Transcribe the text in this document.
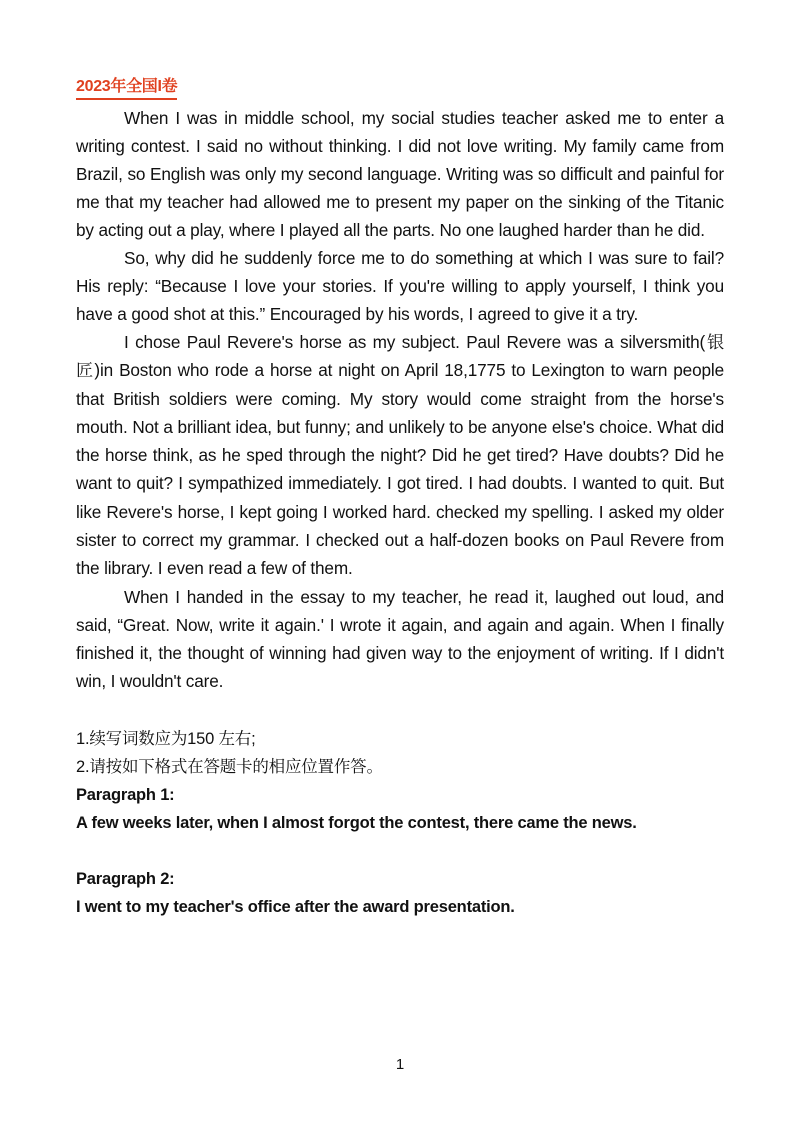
2023年全国I卷

When I was in middle school, my social studies teacher asked me to enter a writing contest. I said no without thinking. I did not love writing. My family came from Brazil, so English was only my second language. Writing was so difficult and painful for me that my teacher had allowed me to present my paper on the sinking of the Titanic by acting out a play, where I played all the parts. No one laughed harder than he did.

So, why did he suddenly force me to do something at which I was sure to fail? His reply: “Because I love your stories. If you're willing to apply yourself, I think you have a good shot at this.” Encouraged by his words, I agreed to give it a try.

I chose Paul Revere's horse as my subject. Paul Revere was a silversmith(银匠)in Boston who rode a horse at night on April 18,1775 to Lexington to warn people that British soldiers were coming. My story would come straight from the horse's mouth. Not a brilliant idea, but funny; and unlikely to be anyone else's choice. What did the horse think, as he sped through the night? Did he get tired? Have doubts? Did he want to quit? I sympathized immediately. I got tired. I had doubts. I wanted to quit. But like Revere's horse, I kept going I worked hard. checked my spelling. I asked my older sister to correct my grammar. I checked out a half-dozen books on Paul Revere from the library. I even read a few of them.

When I handed in the essay to my teacher, he read it, laughed out loud, and said, “Great. Now, write it again.' I wrote it again, and again and again. When I finally finished it, the thought of winning had given way to the enjoyment of writing. If I didn't win, I wouldn't care.

1.续写词数应为150 左右;

2.请按如下格式在答题卡的相应位置作答。

Paragraph 1:

A few weeks later, when I almost forgot the contest, there came the news.

Paragraph 2:

I went to my teacher's office after the award presentation.

1
